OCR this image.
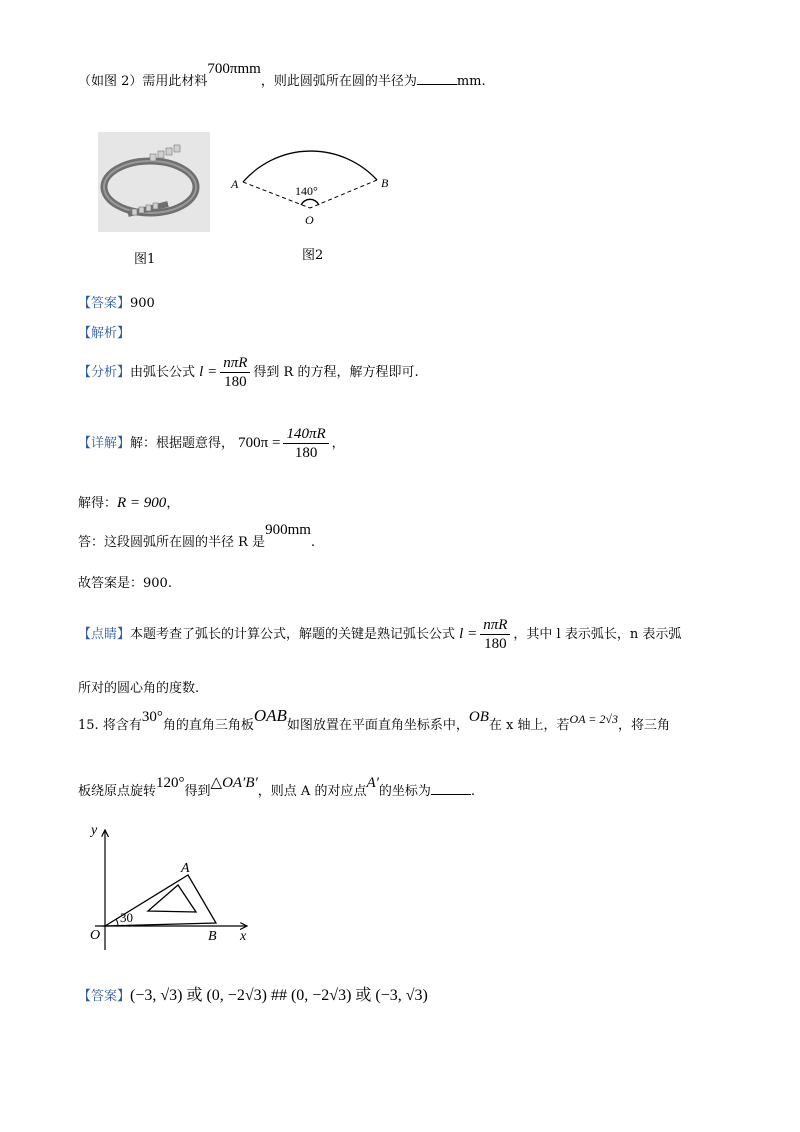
（如图 2）需用此材料700πmm，则此圆弧所在圆的半径为	mm.
图1
A	B
O
140°
图2
【答案】900
【解析】
【分析】由弧长公式 $l = \frac{\text{nπR}}{180}$ 得到 R 的方程，解方程即可.
【详解】解：根据题意得， $700\pi = \frac{140\pi R}{180}$ ，
解得：R = 900，
答：这段圆弧所在圆的半径 R 是900mm.
故答案是：900.
【点睛】本题考查了弧长的计算公式，解题的关键是熟记弧长公式 $l = \frac{\text{nπR}}{180}$ ，其中 l 表示弧长，n 表示弧
所对的圆心角的度数.
15. 将含有30°角的直角三角板OAB如图放置在平面直角坐标系中，OB在 x 轴上，若OA = 2√3，将三角
板绕原点旋转120°得到△OA′B′，则点 A 的对应点A′的坐标为	.
y
x
O
A
B
30
【答案】(−3, √3) 或 (0, −2√3) ## (0, −2√3) 或 (−3, √3)
